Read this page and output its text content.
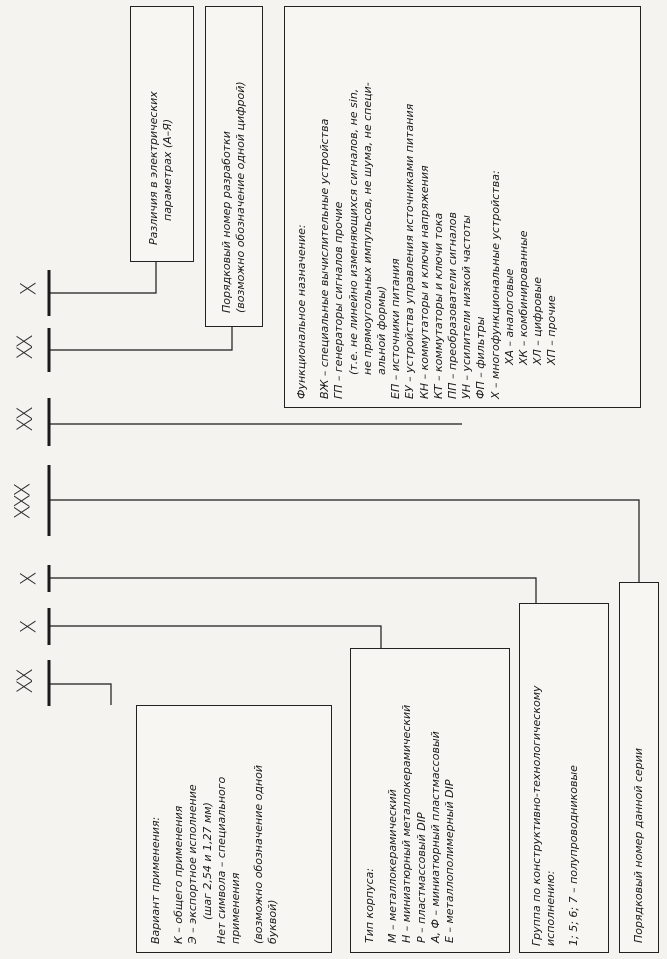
X
XX
XX
XXX
X
X
XX
Различия в электрических параметрах (А–Я)	Порядковый номер разработки (возможно обозначение одной цифрой)	Функциональное назначение: ВЖ – специальные вычислительные устройства ГП – генераторы сигналов прочие (т.е. не линейно изменяющихся сигналов, не sin, не прямоугольных импульсов, не шума, не специ- альной формы) ЕП – источники питания ЕУ – устройства управления источниками питания КН – коммутаторы и ключи напряжения КТ – коммутаторы и ключи тока ПП – преобразователи сигналов УН – усилители низкой частоты ФП – фильтры Х – многофункциональные устройства: ХА – аналоговые ХК – комбинированные ХЛ – цифровые ХП – прочие
Вариант применения: К – общего применения Э – экспортное исполнение (шаг 2,54 и 1,27 мм) Нет символа – специального применения (возможно обозначение одной буквой)	Тип корпуса: М – металлокерамический Н – миниатюрный металлокерамический Р – пластмассовый DIP А, Ф – миниатюрный пластмассовый Е – металлополимерный DIP	Группа по конструктивно-технологическому исполнению: 1; 5; 6; 7 – полупроводниковые	Порядковый номер данной серии
